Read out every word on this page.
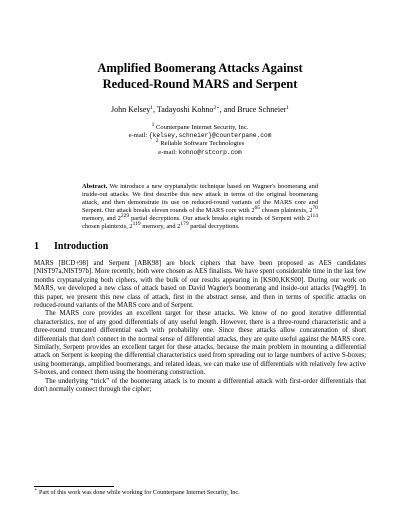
Amplified Boomerang Attacks Against
Reduced-Round MARS and Serpent
John Kelsey$^1$, Tadayoshi Kohno$^{2⋆}$, and Bruce Schneier$^1$
$^1$ Counterpane Internet Security, Inc.
e-mail: {kelsey,schneier}@counterpane.com
$^2$ Reliable Software Technologies
e-mail: kohno@rstcorp.com
Abstract. We introduce a new cryptanalytic technique based on Wagner's boomerang and inside-out attacks. We first describe this new attack in terms of the original boomerang attack, and then demonstrate its use on reduced-round variants of the MARS core and Serpent. Our attack breaks eleven rounds of the MARS core with $2^{65}$ chosen plaintexts, $2^{70}$ memory, and $2^{229}$ partial decryptions. Our attack breaks eight rounds of Serpent with $2^{114}$ chosen plaintexts, $2^{119}$ memory, and $2^{179}$ partial decryptions.
1 Introduction

MARS [BCD+98] and Serpent [ABK98] are block ciphers that have been proposed as AES candidates [NIST97a,NIST97b]. More recently, both were chosen as AES finalists. We have spent considerable time in the last few months cryptanalyzing both ciphers, with the bulk of our results appearing in [KS00,KKS00]. During our work on MARS, we developed a new class of attack based on David Wagner's boomerang and inside-out attacks [Wag99]. In this paper, we present this new class of attack, first in the abstract sense, and then in terms of specific attacks on reduced-round variants of the MARS core and of Serpent.

The MARS core provides an excellent target for these attacks. We know of no good iterative differential characteristics, nor of any good differentials of any useful length. However, there is a three-round characteristic and a three-round truncated differential each with probability one. Since these attacks allow concatenation of short differentials that don't connect in the normal sense of differential attacks, they are quite useful against the MARS core. Similarly, Serpent provides an excellent target for these attacks, because the main problem in mounting a differential attack on Serpent is keeping the differential characteristics used from spreading out to large numbers of active S-boxes; using boomerangs, amplified boomerangs, and related ideas, we can make use of differentials with relatively few active S-boxes, and connect them using the boomerang construction.

The underlying “trick” of the boomerang attack is to mount a differential attack with first-order differentials that don't normally connect through the cipher;

⋆ Part of this work was done while working for Counterpane Internet Security, Inc.
